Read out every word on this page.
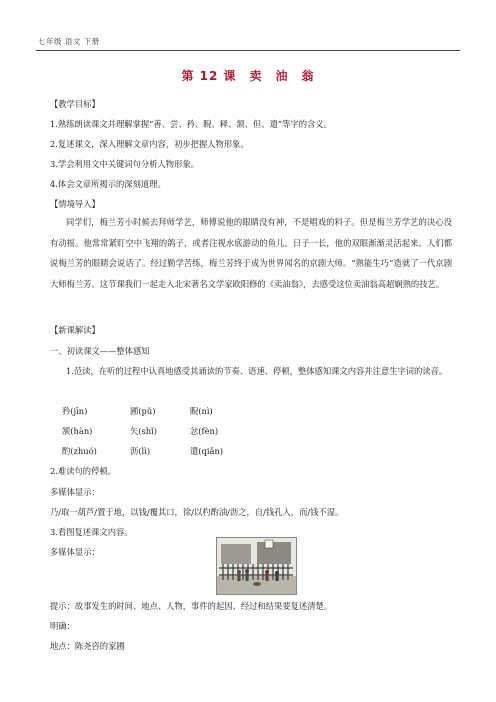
七年级 语文 下册
第 12 课　卖　油　翁
【教学目标】
1.熟练朗读课文并理解掌握“善、尝、矜、睨、释、颔、但、遣”等字的含义。
2.复述课文，深入理解文章内容，初步把握人物形象。
3.学会利用文中关键词句分析人物形象。
4.体会文章所揭示的深刻道理。
【情境导入】
同学们，梅兰芳小时候去拜师学艺，师傅说他的眼睛没有神，不是唱戏的料子。但是梅兰芳学艺的决心没有动摇。他常常紧盯空中飞翔的鸽子，或者注视水底游动的鱼儿。日子一长，他的双眼渐渐灵活起来。人们都说梅兰芳的眼睛会说话了。经过勤学苦练，梅兰芳终于成为世界闻名的京剧大师。“熟能生巧”造就了一代京剧大师梅兰芳。这节课我们一起走入北宋著名文学家欧阳修的《卖油翁》，去感受这位卖油翁高超娴熟的技艺。
【新课解读】
一、初读课文——整体感知
1.范读，在听的过程中认真地感受其诵读的节奏、语速、停顿，整体感知课文内容并注意生字词的读音。
矜(jīn)	圃(pǔ)	睨(nì)
颔(hàn)	矢(shǐ)	忿(fèn)
酌(zhuó)	沥(lì)	遣(qiǎn)
2.难读句的停顿。
多媒体显示：
乃/取一葫芦/置于地，以钱/覆其口，徐/以杓酌油/沥之，自/钱孔入，而/钱不湿。
3.看图复述课文内容。
多媒体显示：
提示：故事发生的时间、地点、人物，事件的起因、经过和结果要复述清楚。
明确：
地点：陈尧咨的家圃
